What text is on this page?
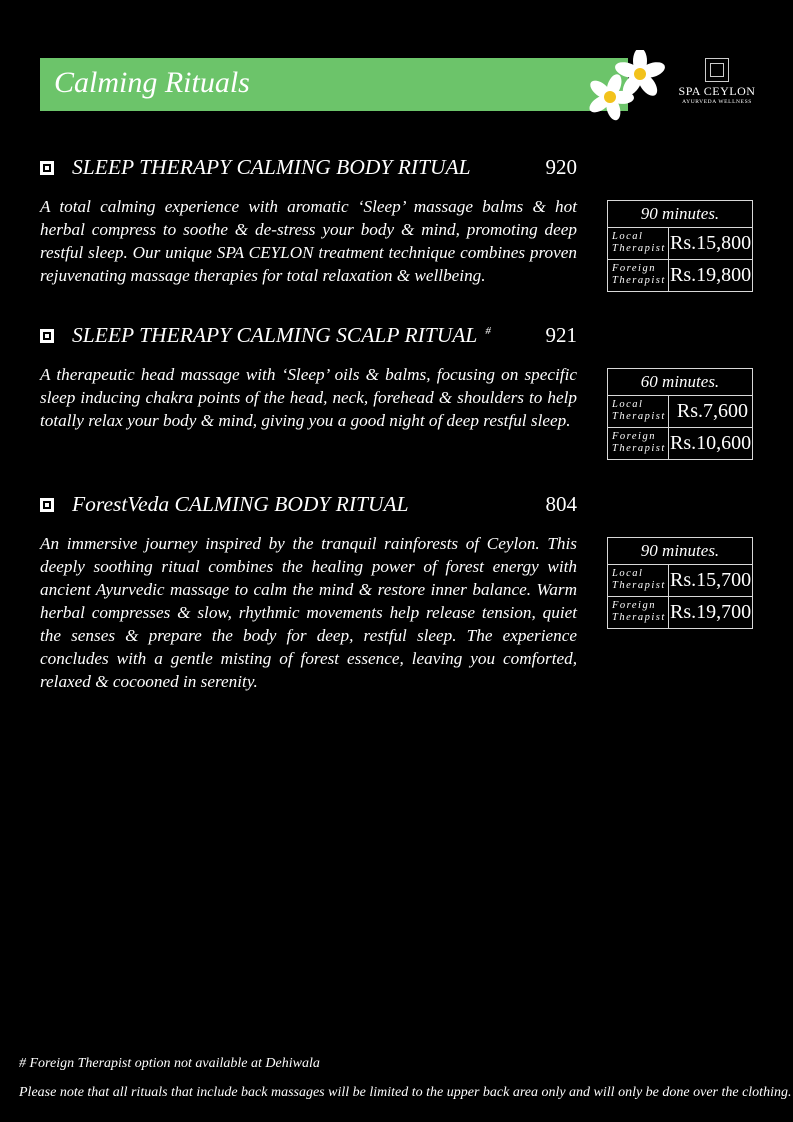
Calming Rituals	SPA CEYLON
AYURVEDA WELLNESS
SLEEP THERAPY CALMING BODY RITUAL	920

A total calming experience with aromatic ‘Sleep’ massage balms & hot herbal compress to soothe & de-stress your body & mind, promoting deep restful sleep. Our unique SPA CEYLON treatment technique combines proven rejuvenating massage therapies for total relaxation & wellbeing.

90 minutes.
Local Therapist Rs.15,800
Foreign Therapist Rs.19,800
SLEEP THERAPY CALMING SCALP RITUAL #	921

A therapeutic head massage with ‘Sleep’ oils & balms, focusing on specific sleep inducing chakra points of the head, neck, forehead & shoulders to help totally relax your body & mind, giving you a good night of deep restful sleep.

60 minutes.
Local Therapist Rs.7,600
Foreign Therapist Rs.10,600
ForestVeda CALMING BODY RITUAL	804

An immersive journey inspired by the tranquil rainforests of Ceylon. This deeply soothing ritual combines the healing power of forest energy with ancient Ayurvedic massage to calm the mind & restore inner balance. Warm herbal compresses & slow, rhythmic movements help release tension, quiet the senses & prepare the body for deep, restful sleep. The experience concludes with a gentle misting of forest essence, leaving you comforted, relaxed & cocooned in serenity.

90 minutes.
Local Therapist Rs.15,700
Foreign Therapist Rs.19,700
# Foreign Therapist option not available at Dehiwala
Please note that all rituals that include back massages will be limited to the upper back area only and will only be done over the clothing.
